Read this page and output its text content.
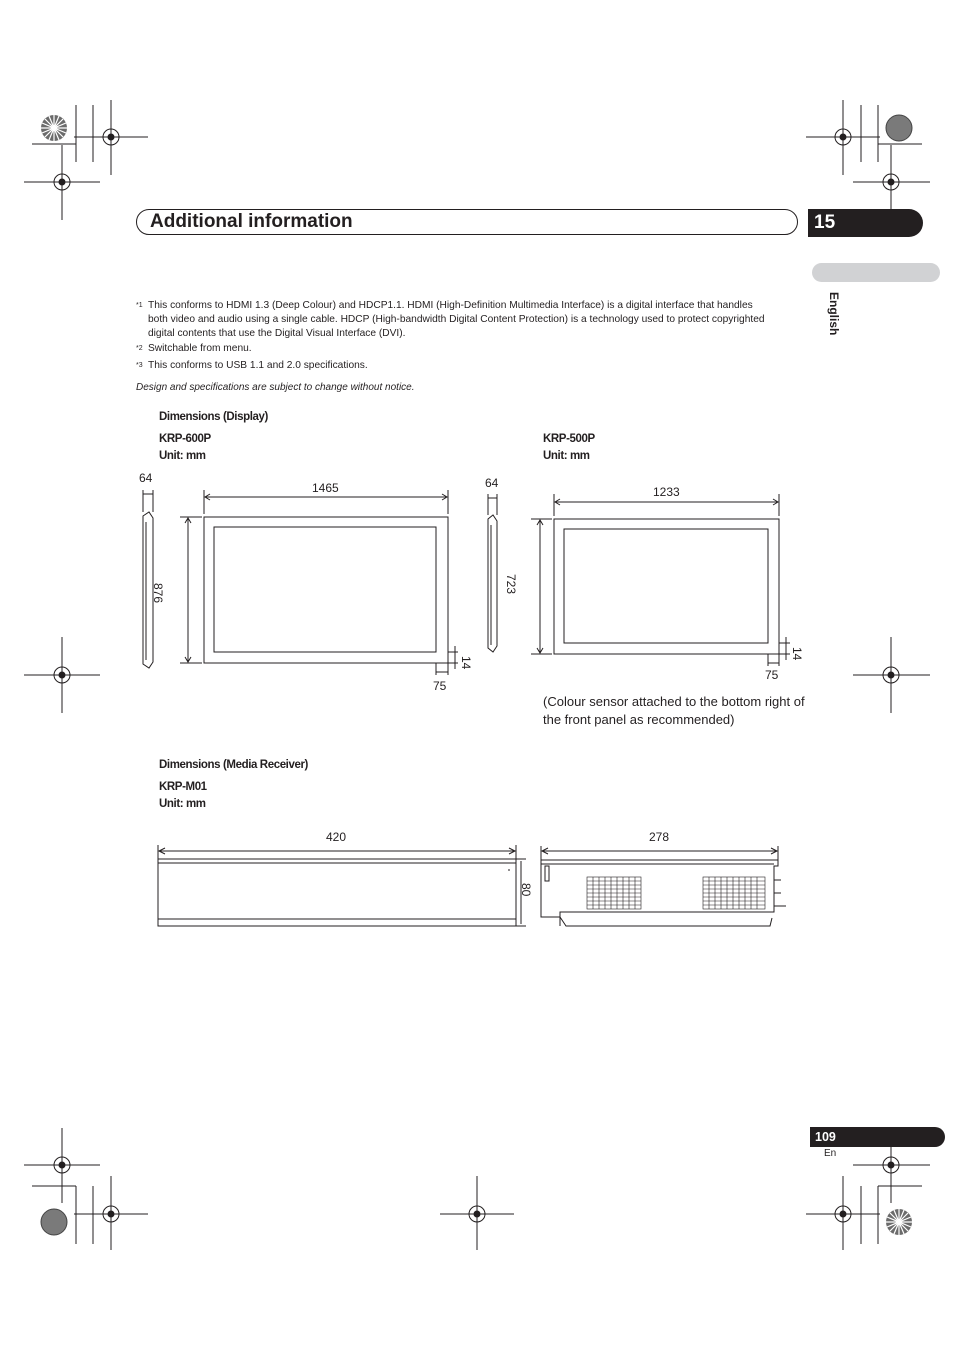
Additional information	15
English
$^{*1}$ This conforms to HDMI 1.3 (Deep Colour) and HDCP1.1. HDMI (High-Definition Multimedia Interface) is a digital interface that handles
both video and audio using a single cable. HDCP (High-bandwidth Digital Content Protection) is a technology used to protect copyrighted
digital contents that use the Digital Visual Interface (DVI).
$^{*2}$ Switchable from menu.
$^{*3}$ This conforms to USB 1.1 and 2.0 specifications.
Design and specifications are subject to change without notice.
Dimensions (Display)
KRP-600P
Unit: mm
KRP-500P
Unit: mm
64
1465	64
876
14
75
1233
723
14
75
(Colour sensor attached to the bottom right of the front panel as recommended)
Dimensions (Media Receiver)
KRP-M01
Unit: mm
420	278
80
109
En
